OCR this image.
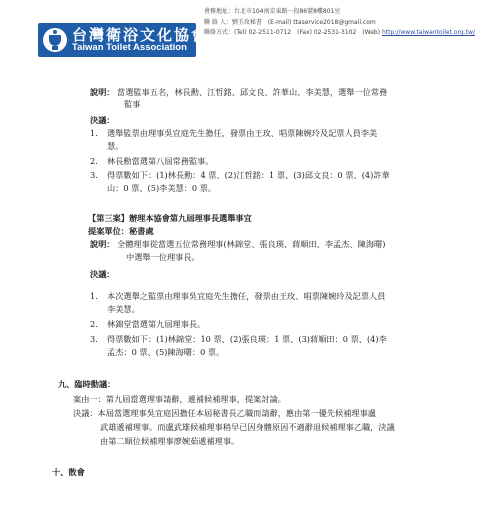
台灣衛浴文化協會
Taiwan Toilet Association
會務地址：台北市104南京東路一段86號8樓801室
聯 絡 人：劉玉玫秘書　(E-mail) ttaservice2018@gmail.com
聯絡方式：(Tel) 02-2511-0712　(Fax) 02-2531-3102　(Web) http://www.taiwantoilet.org.tw/
說明： 當選監事五名，林長勳、江哲銘、邱文良、許華山、李美慧，選舉一位常務
監事
決議：
1. 選舉監票由理事吳宜庭先生擔任，發票由王玫、唱票陳婉玲及記票人員李美
慧。
2. 林長勳當選第八屆常務監事。
3. 得票數如下：(1)林長勳：4 票、(2)江哲銘：1 票、(3)邱文良：0 票、(4)許華
山：0 票、(5)李美慧：0 票。
【第三案】辦理本協會第九屆理事長選舉事宜
提案單位：秘書處
說明： 全體理事從當選五位常務理事(林錦堂、張良瑛、蔣順田、李孟杰、陳海曙)
中選舉一位理事長。
決議：
1. 本次選舉之監票由理事吳宜庭先生擔任，發票由王玫、唱票陳婉玲及記票人員
李美慧。
2. 林錦堂當選第九屆理事長。
3. 得票數如下：(1)林錦堂：10 票、(2)張良瑛：1 票、(3)蔣順田：0 票、(4)李
孟杰：0 票、(5)陳海曙：0 票。
九、臨時動議：
案由一：第九屆當選理事請辭，遞補候補理事，提案討論。
決議：本屆當選理事吳宜庭因擔任本屆秘書長乙職而請辭，應由第一優先候補理事盧
武雄遞補理事。而盧武雄候補理事稍早已因身體原因不適辭退候補理事乙職，決議
由第二順位候補理事廖婉茹遞補理事。
十、散會
